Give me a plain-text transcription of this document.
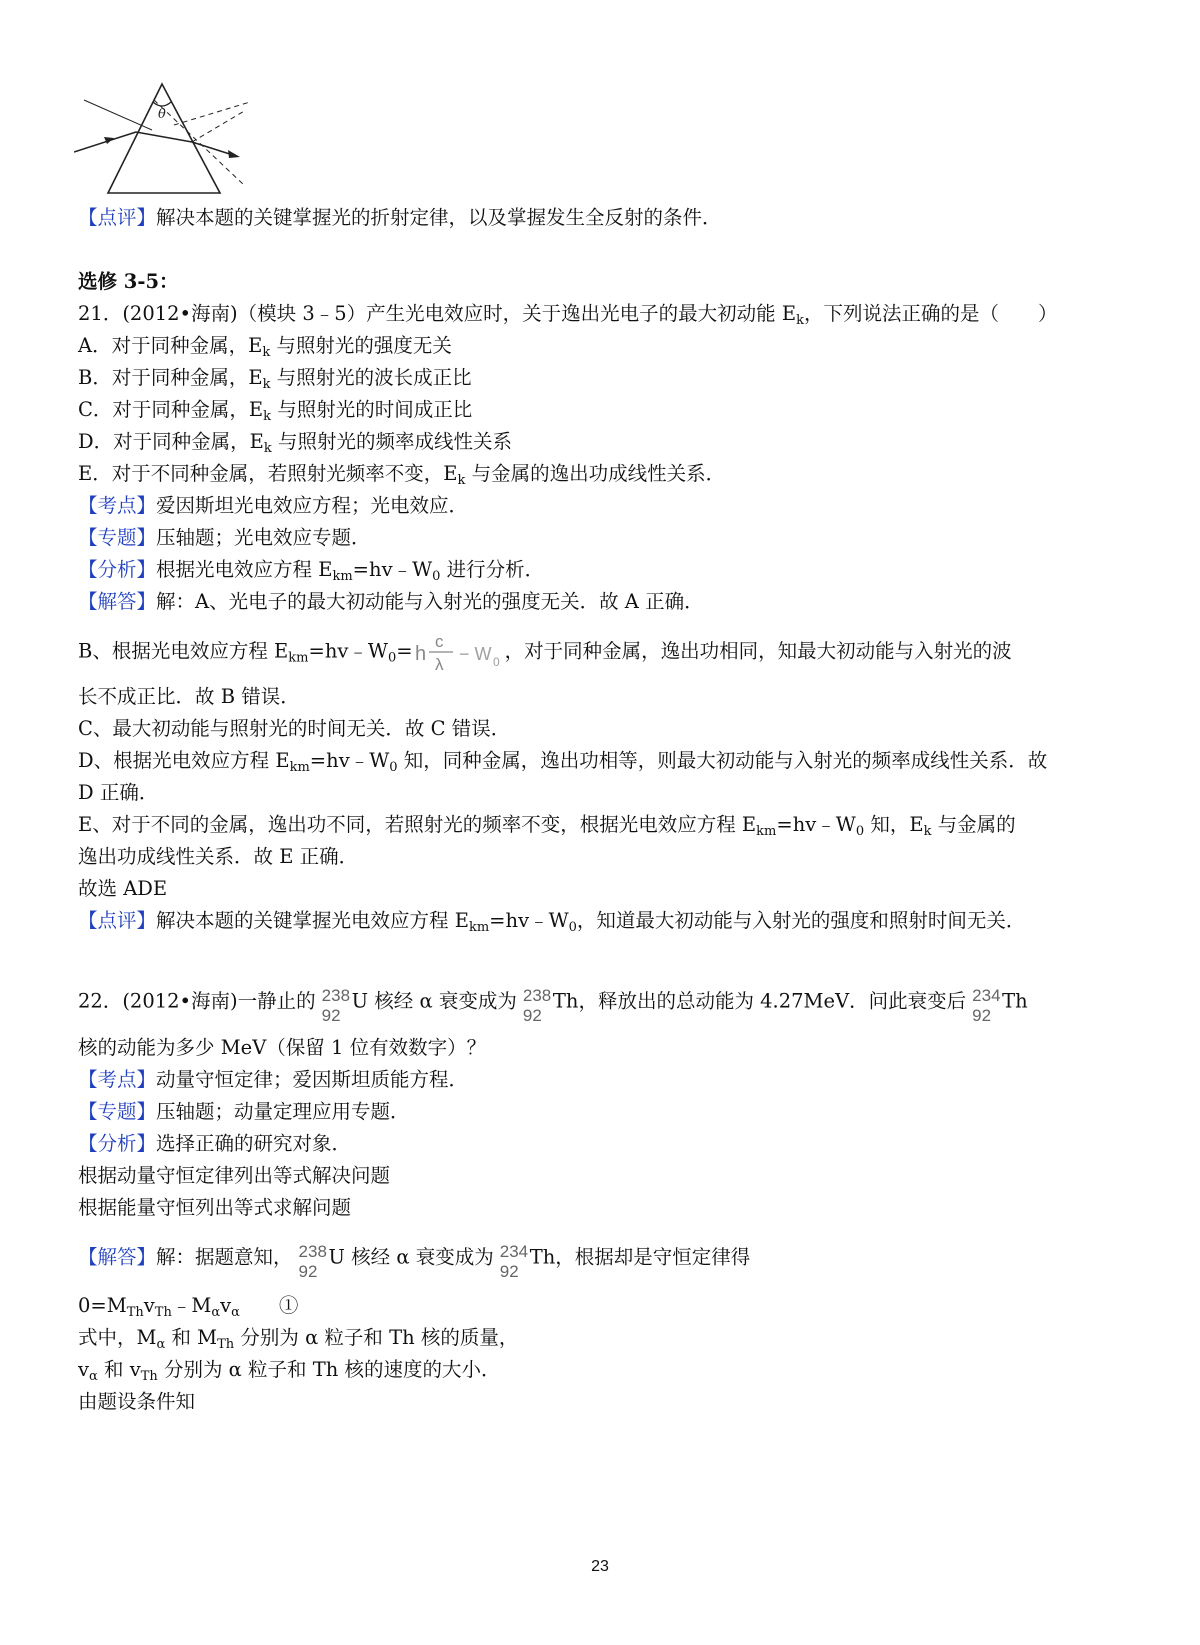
θ
【点评】解决本题的关键掌握光的折射定律，以及掌握发生全反射的条件．
选修 3-5：
21．(2012•海南)（模块 3﹣5）产生光电效应时，关于逸出光电子的最大初动能 $E_k$，下列说法正确的是（　　）
A．对于同种金属，$E_k$ 与照射光的强度无关
B．对于同种金属，$E_k$ 与照射光的波长成正比
C．对于同种金属，$E_k$ 与照射光的时间成正比
D．对于同种金属，$E_k$ 与照射光的频率成线性关系
E．对于不同种金属，若照射光频率不变，$E_k$ 与金属的逸出功成线性关系．
【考点】爱因斯坦光电效应方程；光电效应．
【专题】压轴题；光电效应专题．
【分析】根据光电效应方程 $E_{km}=hv﹣W_0$ 进行分析．
【解答】解：A、光电子的最大初动能与入射光的强度无关．故 A 正确．
B、根据光电效应方程 $E_{km}=hv﹣W_0= h$
c
λ
− W 0 ，对于同种金属，逸出功相同，知最大初动能与入射光的波
长不成正比．故 B 错误．
C、最大初动能与照射光的时间无关．故 C 错误．
D、根据光电效应方程 $E_{km}=hv﹣W_0$ 知，同种金属，逸出功相等，则最大初动能与入射光的频率成线性关系．故
D 正确．
E、对于不同的金属，逸出功不同，若照射光的频率不变，根据光电效应方程 $E_{km}=hv﹣W_0$ 知，$E_k$ 与金属的
逸出功成线性关系．故 E 正确．
故选 ADE
【点评】解决本题的关键掌握光电效应方程 $E_{km}=hv﹣W_0$，知道最大初动能与入射光的强度和照射时间无关．
22．(2012•海南)一静止的 238
92
U 核经 α 衰变成为 238
92
Th，释放出的总动能为 4.27MeV．问此衰变后 234
92
Th
核的动能为多少 MeV（保留 1 位有效数字）？
【考点】动量守恒定律；爱因斯坦质能方程．
【专题】压轴题；动量定理应用专题．
【分析】选择正确的研究对象．
根据动量守恒定律列出等式解决问题
根据能量守恒列出等式求解问题
【解答】解：据题意知， 238
92
U 核经 α 衰变成为 234
92
Th，根据却是守恒定律得
$0=M_{Th}v_{Th}﹣M_\alpha v_\alpha$　　①
式中，$M_\alpha$ 和 $M_{Th}$ 分别为 α 粒子和 Th 核的质量，
$v_\alpha$ 和 $v_{Th}$ 分别为 α 粒子和 Th 核的速度的大小．
由题设条件知
23
